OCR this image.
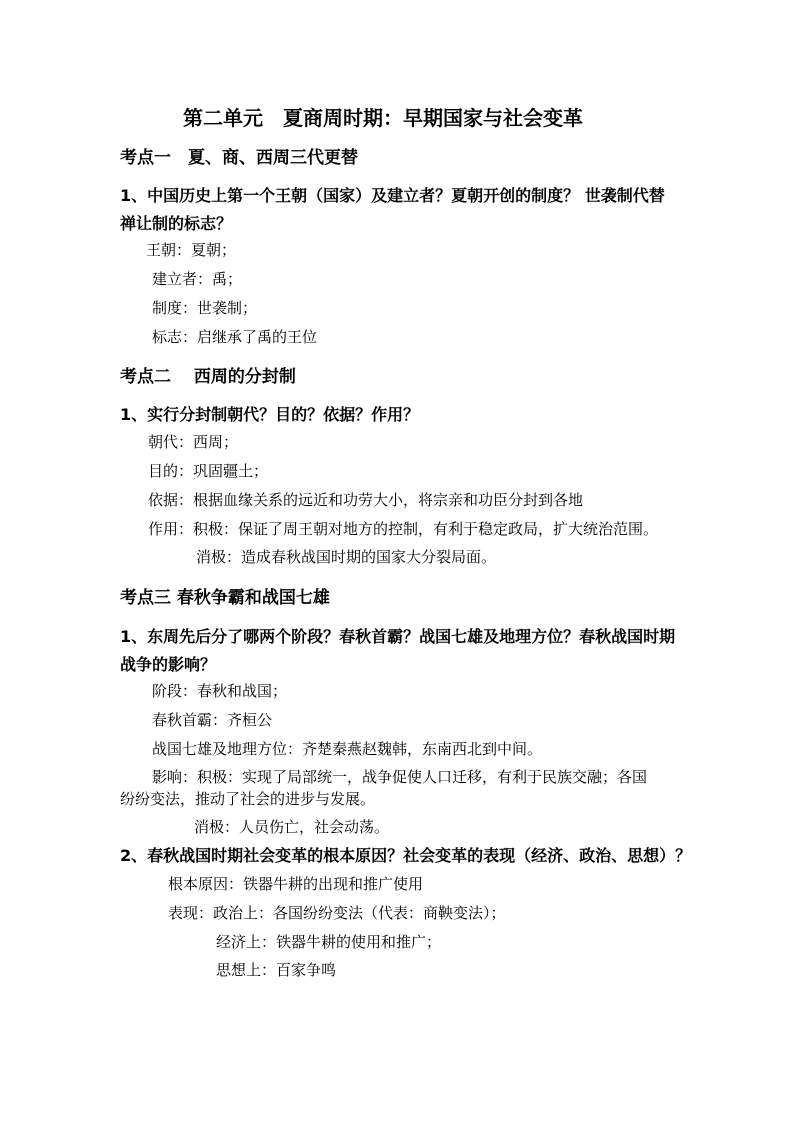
第二单元　夏商周时期：早期国家与社会变革
考点一　夏、商、西周三代更替
1、中国历史上第一个王朝（国家）及建立者？夏朝开创的制度？ 世袭制代替
禅让制的标志？
王朝：夏朝；
建立者：禹；
制度：世袭制；
标志：启继承了禹的王位
考点二　 西周的分封制
1、实行分封制朝代？目的？依据？作用？
朝代：西周；
目的：巩固疆土；
依据：根据血缘关系的远近和功劳大小，将宗亲和功臣分封到各地
作用：积极：保证了周王朝对地方的控制，有利于稳定政局，扩大统治范围。
消极：造成春秋战国时期的国家大分裂局面。
考点三 春秋争霸和战国七雄
1、东周先后分了哪两个阶段？春秋首霸？战国七雄及地理方位？春秋战国时期
战争的影响？
阶段：春秋和战国；
春秋首霸：齐桓公
战国七雄及地理方位：齐楚秦燕赵魏韩，东南西北到中间。
影响：积极：实现了局部统一，战争促使人口迁移，有利于民族交融；各国
纷纷变法，推动了社会的进步与发展。
消极：人员伤亡，社会动荡。
2、春秋战国时期社会变革的根本原因？社会变革的表现（经济、政治、思想）？
根本原因：铁器牛耕的出现和推广使用
表现：政治上：各国纷纷变法（代表：商鞅变法）；
经济上：铁器牛耕的使用和推广；
思想上：百家争鸣
